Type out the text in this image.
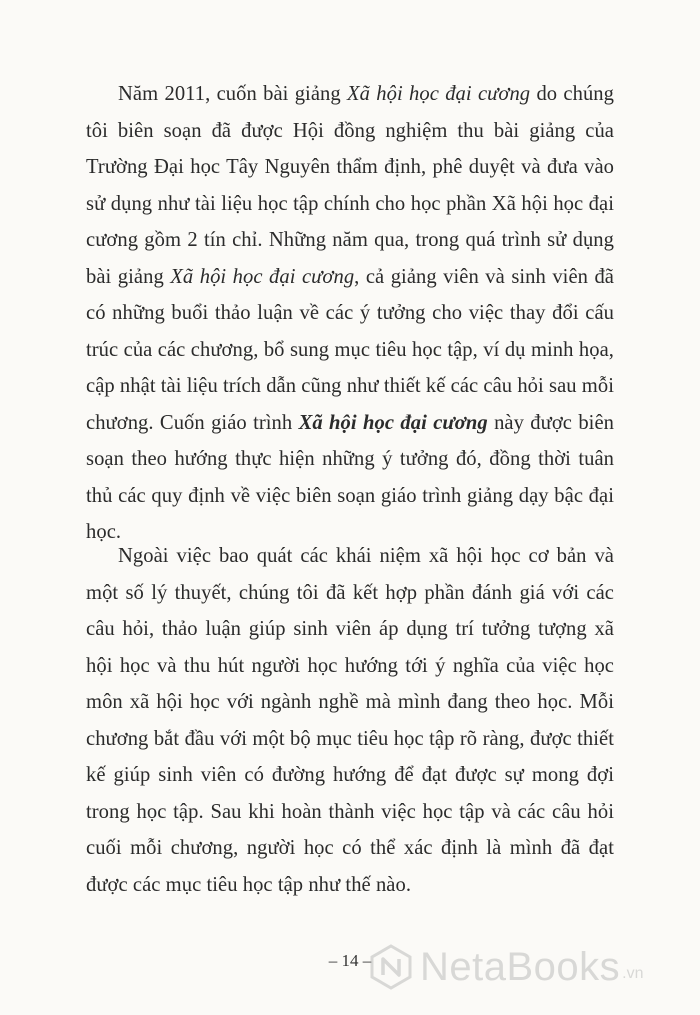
Năm 2011, cuốn bài giảng Xã hội học đại cương do chúng tôi biên soạn đã được Hội đồng nghiệm thu bài giảng của Trường Đại học Tây Nguyên thẩm định, phê duyệt và đưa vào sử dụng như tài liệu học tập chính cho học phần Xã hội học đại cương gồm 2 tín chỉ. Những năm qua, trong quá trình sử dụng bài giảng Xã hội học đại cương, cả giảng viên và sinh viên đã có những buổi thảo luận về các ý tưởng cho việc thay đổi cấu trúc của các chương, bổ sung mục tiêu học tập, ví dụ minh họa, cập nhật tài liệu trích dẫn cũng như thiết kế các câu hỏi sau mỗi chương. Cuốn giáo trình Xã hội học đại cương này được biên soạn theo hướng thực hiện những ý tưởng đó, đồng thời tuân thủ các quy định về việc biên soạn giáo trình giảng dạy bậc đại học.

Ngoài việc bao quát các khái niệm xã hội học cơ bản và một số lý thuyết, chúng tôi đã kết hợp phần đánh giá với các câu hỏi, thảo luận giúp sinh viên áp dụng trí tưởng tượng xã hội học và thu hút người học hướng tới ý nghĩa của việc học môn xã hội học với ngành nghề mà mình đang theo học. Mỗi chương bắt đầu với một bộ mục tiêu học tập rõ ràng, được thiết kế giúp sinh viên có đường hướng để đạt được sự mong đợi trong học tập. Sau khi hoàn thành việc học tập và các câu hỏi cuối mỗi chương, người học có thể xác định là mình đã đạt được các mục tiêu học tập như thế nào.

– 14 –	NetaBooks .vn
